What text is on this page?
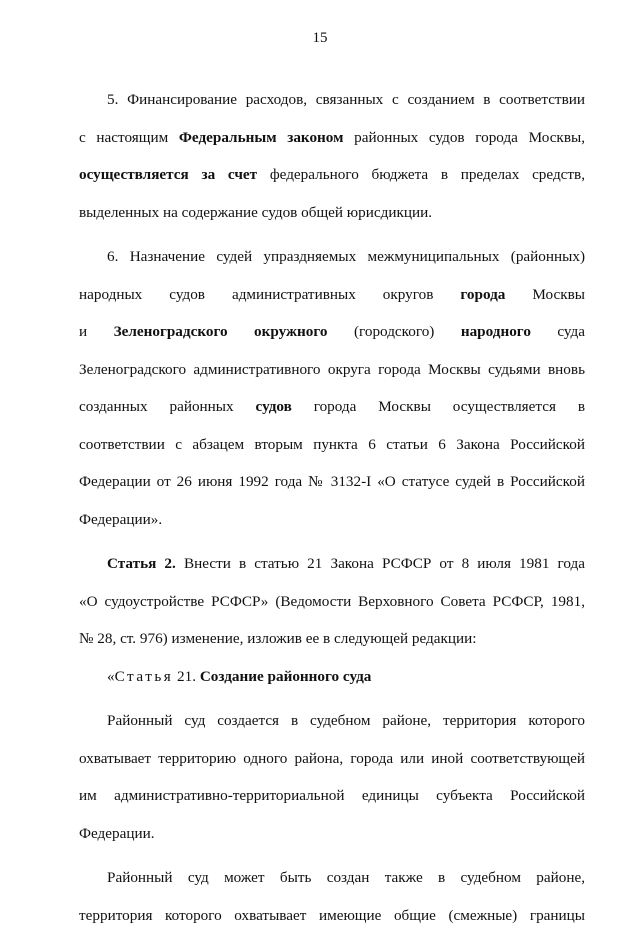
15
5. Финансирование расходов, связанных с созданием в соответствии
с настоящим Федеральным законом районных судов города Москвы,
осуществляется за счет федерального бюджета в пределах средств,
выделенных на содержание судов общей юрисдикции.
6. Назначение судей упраздняемых межмуниципальных (районных)
народных судов административных округов города Москвы
и Зеленоградского окружного (городского) народного суда
Зеленоградского административного округа города Москвы судьями вновь
созданных районных судов города Москвы осуществляется в
соответствии с абзацем вторым пункта 6 статьи 6 Закона Российской
Федерации от 26 июня 1992 года № 3132-I «О статусе судей в Российской
Федерации».
Статья 2. Внести в статью 21 Закона РСФСР от 8 июля 1981 года
«О судоустройстве РСФСР» (Ведомости Верховного Совета РСФСР, 1981,
№ 28, ст. 976) изменение, изложив ее в следующей редакции:
«Статья 21. Создание районного суда
Районный суд создается в судебном районе, территория которого
охватывает территорию одного района, города или иной соответствующей
им административно-территориальной единицы субъекта Российской
Федерации.
Районный суд может быть создан также в судебном районе,
территория которого охватывает имеющие общие (смежные) границы
